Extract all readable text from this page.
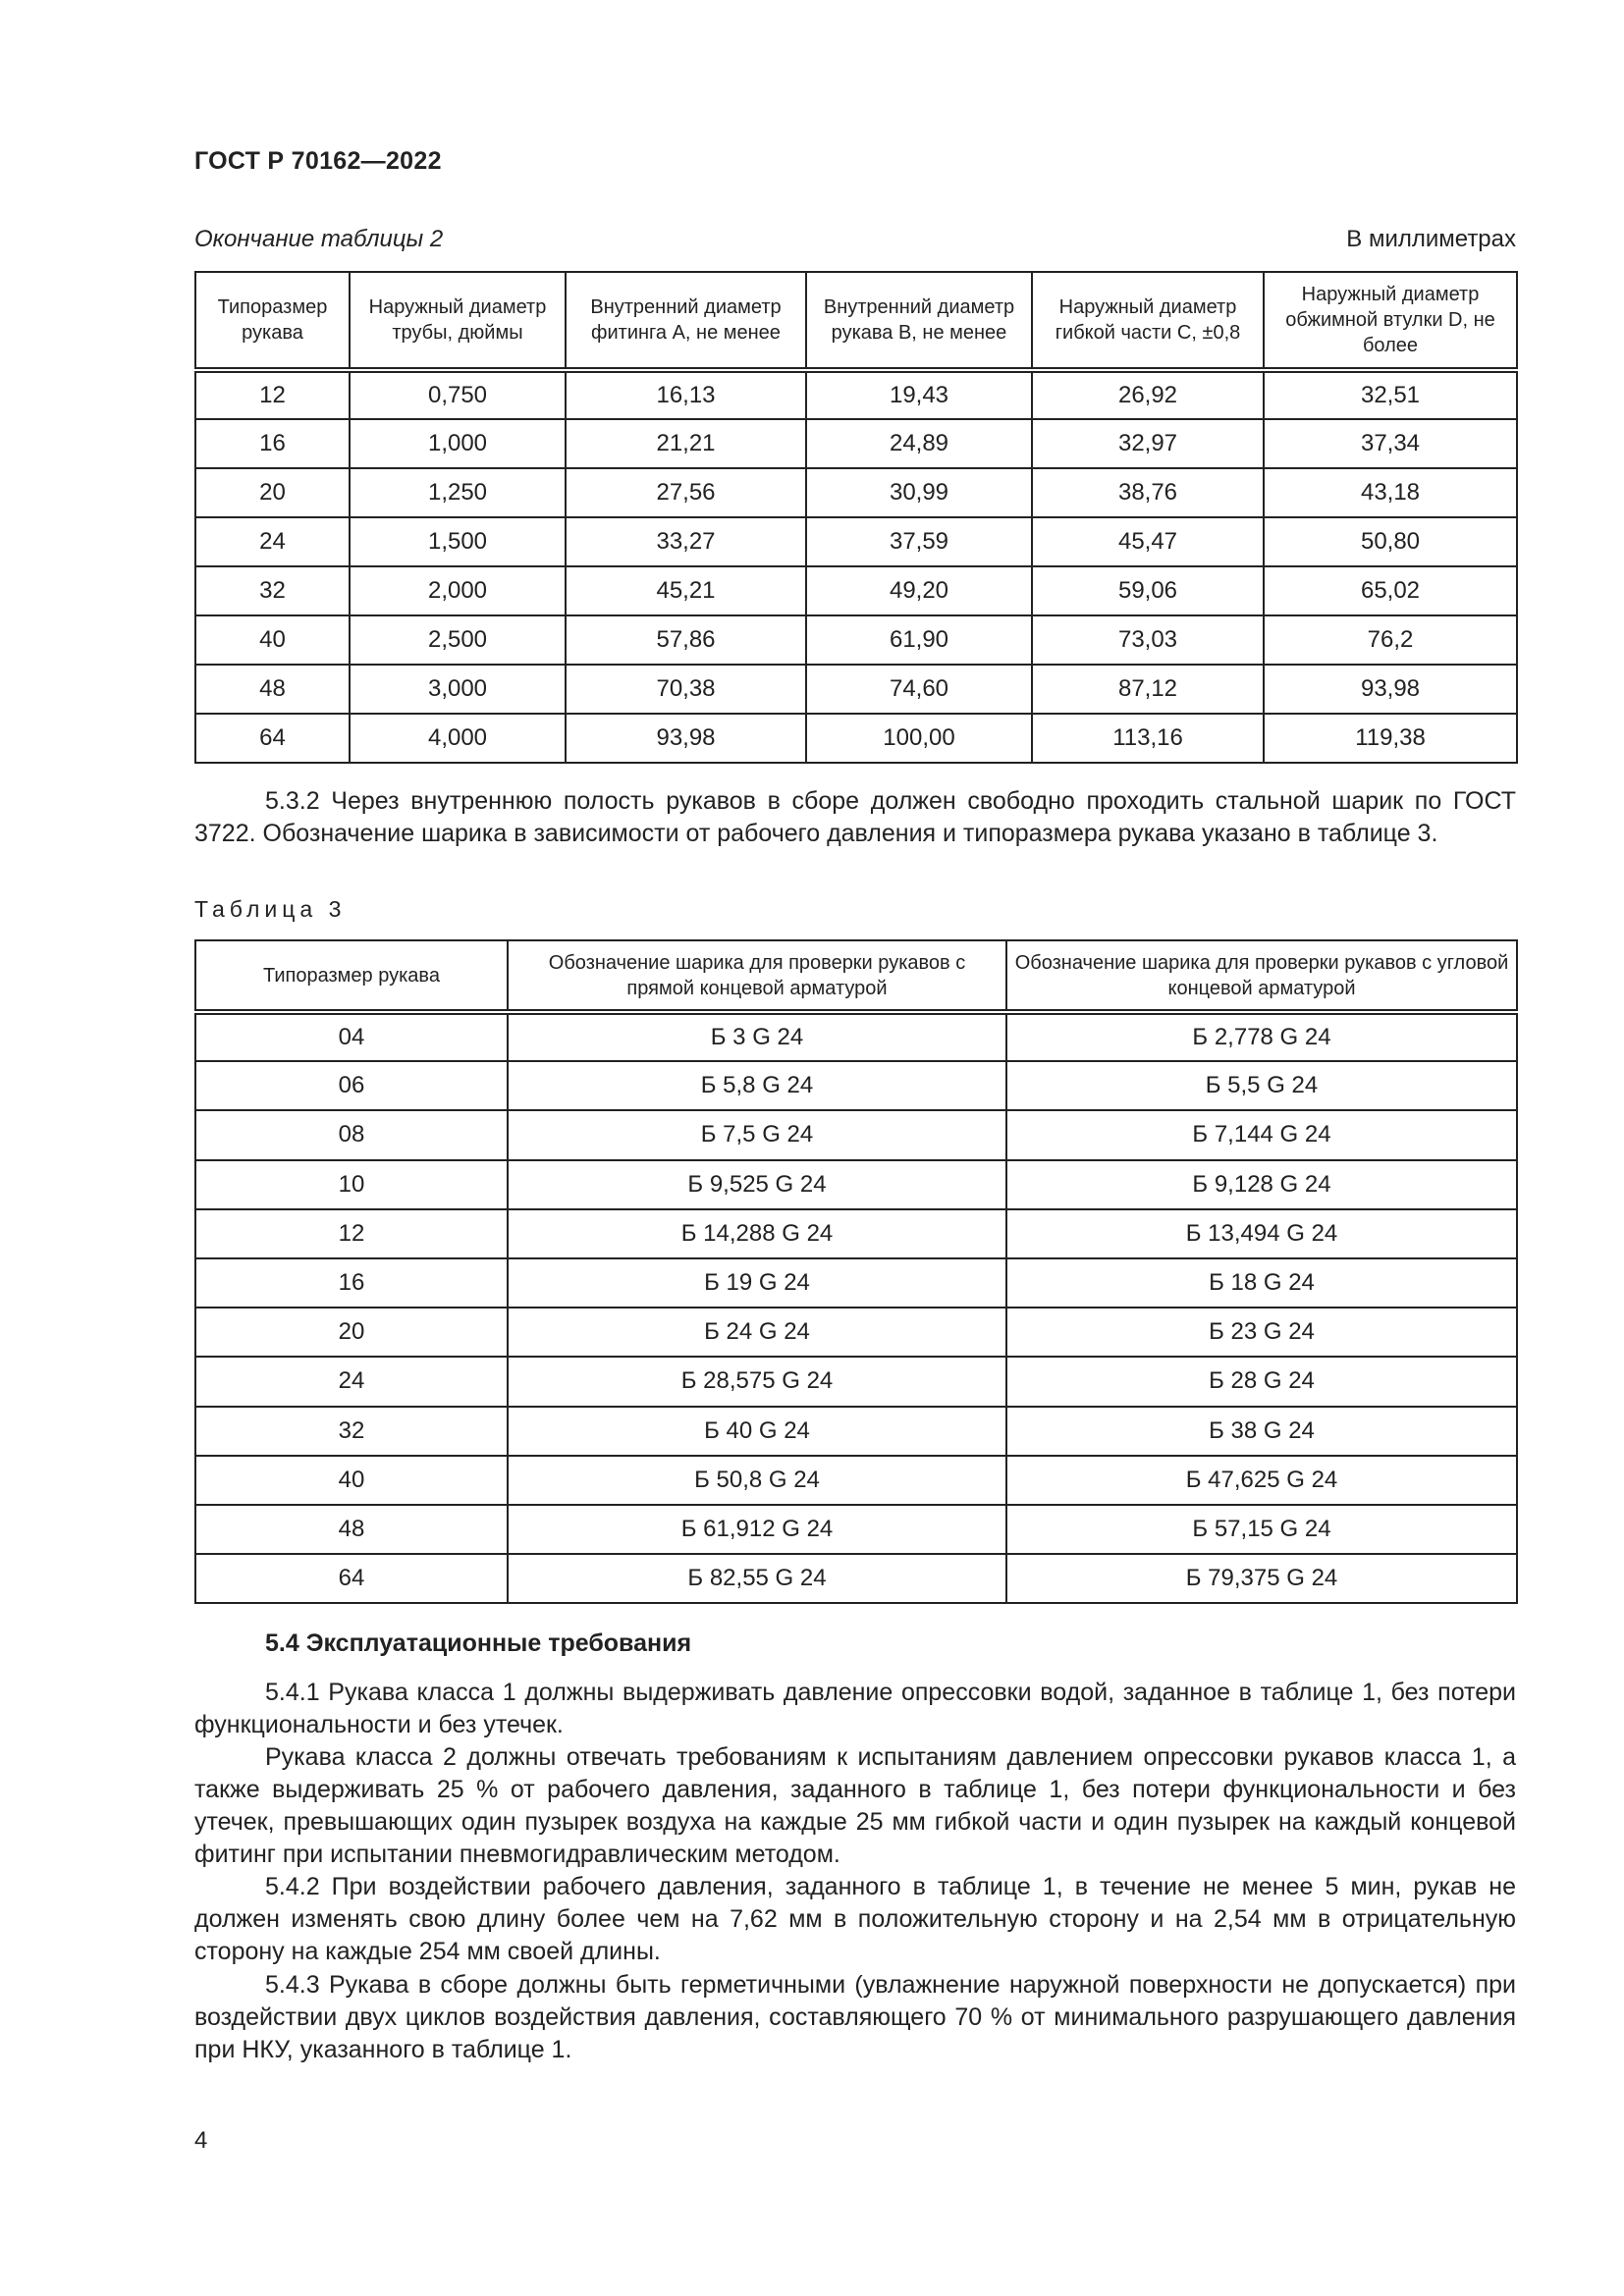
ГОСТ Р 70162—2022
Окончание таблицы 2	В миллиметрах
Типоразмер рукава	Наружный диаметр трубы, дюймы	Внутренний диаметр фитинга A, не менее	Внутренний диаметр рукава B, не менее	Наружный диаметр гибкой части C, ±0,8	Наружный диаметр обжимной втулки D, не более
12	0,750	16,13	19,43	26,92	32,51
16	1,000	21,21	24,89	32,97	37,34
20	1,250	27,56	30,99	38,76	43,18
24	1,500	33,27	37,59	45,47	50,80
32	2,000	45,21	49,20	59,06	65,02
40	2,500	57,86	61,90	73,03	76,2
48	3,000	70,38	74,60	87,12	93,98
64	4,000	93,98	100,00	113,16	119,38
5.3.2 Через внутреннюю полость рукавов в сборе должен свободно проходить стальной шарик по ГОСТ 3722. Обозначение шарика в зависимости от рабочего давления и типоразмера рукава указано в таблице 3.
Таблица 3
Типоразмер рукава	Обозначение шарика для проверки рукавов с прямой концевой арматурой	Обозначение шарика для проверки рукавов с угловой концевой арматурой
04	Б 3 G 24	Б 2,778 G 24
06	Б 5,8 G 24	Б 5,5 G 24
08	Б 7,5 G 24	Б 7,144 G 24
10	Б 9,525 G 24	Б 9,128 G 24
12	Б 14,288 G 24	Б 13,494 G 24
16	Б 19 G 24	Б 18 G 24
20	Б 24 G 24	Б 23 G 24
24	Б 28,575 G 24	Б 28 G 24
32	Б 40 G 24	Б 38 G 24
40	Б 50,8 G 24	Б 47,625 G 24
48	Б 61,912 G 24	Б 57,15 G 24
64	Б 82,55 G 24	Б 79,375 G 24
5.4 Эксплуатационные требования
5.4.1 Рукава класса 1 должны выдерживать давление опрессовки водой, заданное в таблице 1, без потери функциональности и без утечек.
Рукава класса 2 должны отвечать требованиям к испытаниям давлением опрессовки рукавов класса 1, а также выдерживать 25 % от рабочего давления, заданного в таблице 1, без потери функциональности и без утечек, превышающих один пузырек воздуха на каждые 25 мм гибкой части и один пузырек на каждый концевой фитинг при испытании пневмогидравлическим методом.
5.4.2 При воздействии рабочего давления, заданного в таблице 1, в течение не менее 5 мин, рукав не должен изменять свою длину более чем на 7,62 мм в положительную сторону и на 2,54 мм в отрицательную сторону на каждые 254 мм своей длины.
5.4.3 Рукава в сборе должны быть герметичными (увлажнение наружной поверхности не допускается) при воздействии двух циклов воздействия давления, составляющего 70 % от минимального разрушающего давления при НКУ, указанного в таблице 1.
4
